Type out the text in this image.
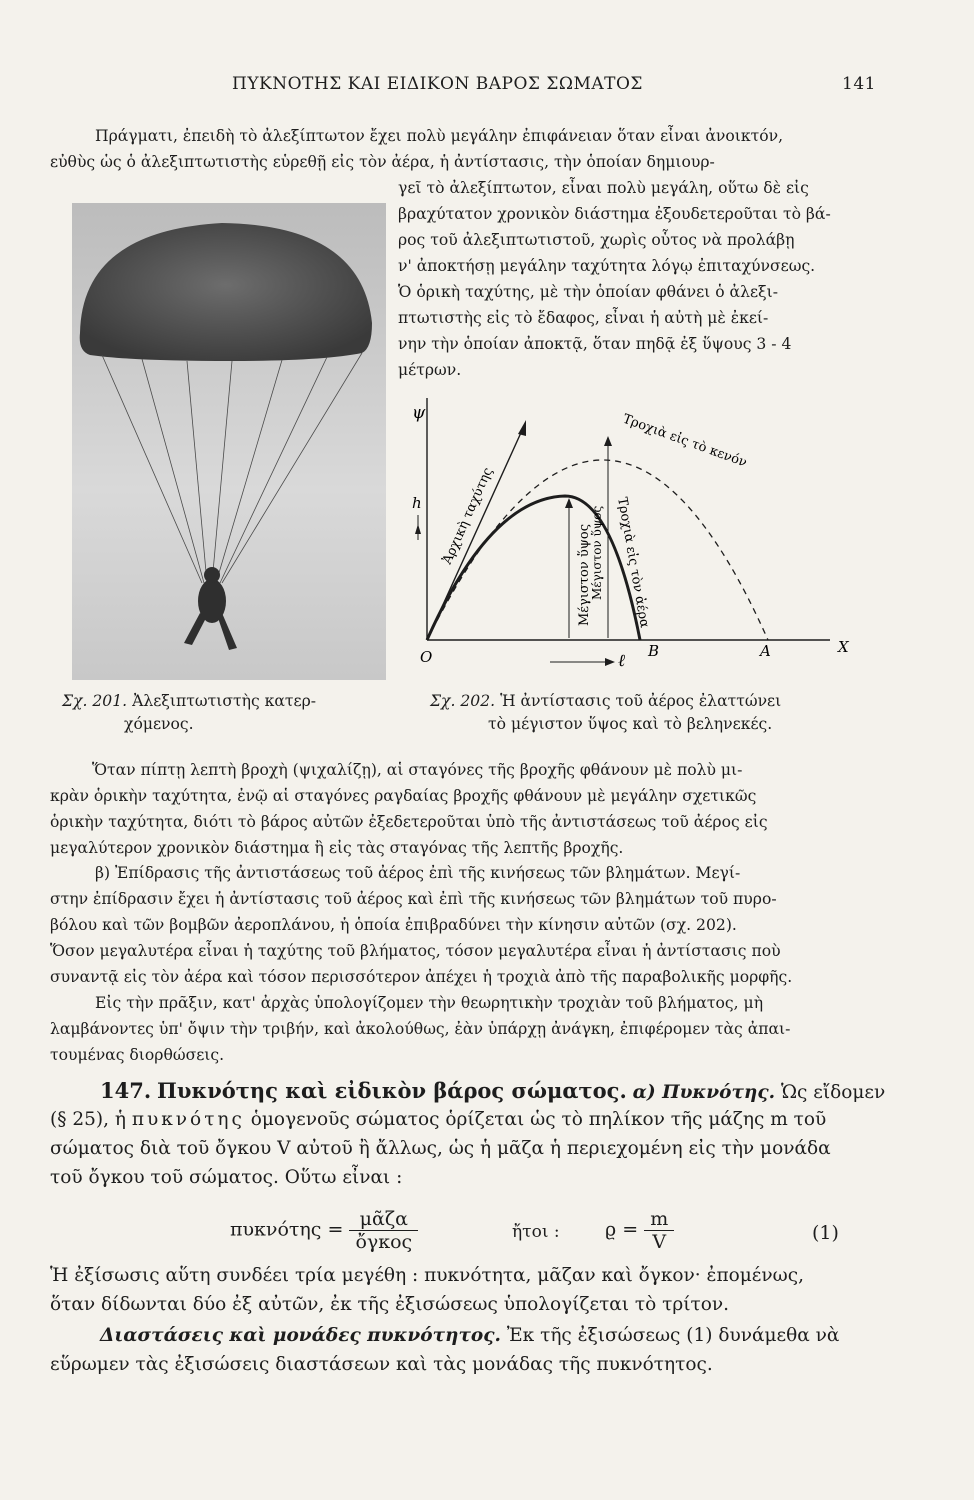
ΠΥΚΝΟΤΗΣ ΚΑΙ ΕΙΔΙΚΟΝ ΒΑΡΟΣ ΣΩΜΑΤΟΣ	141
Πράγματι, ἐπειδὴ τὸ ἀλεξίπτωτον ἔχει πολὺ μεγάλην ἐπιφάνειαν ὅταν εἶναι ἀνοικτόν,
εὐθὺς ὡς ὁ ἀλεξιπτωτιστὴς εὑρεθῇ εἰς τὸν ἀέρα, ἡ ἀντίστασις, τὴν ὁποίαν δημιουρ-
γεῖ τὸ ἀλεξίπτωτον, εἶναι πολὺ μεγάλη, οὕτω δὲ εἰς
βραχύτατον χρονικὸν διάστημα ἐξουδετεροῦται τὸ βά-
ρος τοῦ ἀλεξιπτωτιστοῦ, χωρὶς οὗτος νὰ προλάβῃ
ν' ἀποκτήσῃ μεγάλην ταχύτητα λόγῳ ἐπιταχύνσεως.
Ὁ ὁρικὴ ταχύτης, μὲ τὴν ὁποίαν φθάνει ὁ ἀλεξι-
πτωτιστὴς εἰς τὸ ἔδαφος, εἶναι ἡ αὐτὴ μὲ ἐκεί-
νην τὴν ὁποίαν ἀποκτᾷ, ὅταν πηδᾷ ἐξ ὕψους 3 - 4
μέτρων.
ψ
h
O
X
B	A
ℓ
Ἀρχικὴ ταχύτης
Τροχιὰ εἰς τὸ κενόν
Τροχιὰ εἰς τὸν ἀέρα
Μέγιστον ὕψος
Μέγιστον ὕψος
Σχ. 201. Ἀλεξιπτωτιστὴς κατερ-
χόμενος.
Σχ. 202. Ἡ ἀντίστασις τοῦ ἀέρος ἐλαττώνει
τὸ μέγιστον ὕψος καὶ τὸ βεληνεκές.
Ὅταν πίπτῃ λεπτὴ βροχὴ (ψιχαλίζῃ), αἱ σταγόνες τῆς βροχῆς φθάνουν μὲ πολὺ μι-
κρὰν ὁρικὴν ταχύτητα, ἐνῷ αἱ σταγόνες ραγδαίας βροχῆς φθάνουν μὲ μεγάλην σχετικῶς
ὁρικὴν ταχύτητα, διότι τὸ βάρος αὐτῶν ἐξεδετεροῦται ὑπὸ τῆς ἀντιστάσεως τοῦ ἀέρος εἰς
μεγαλύτερον χρονικὸν διάστημα ἢ εἰς τὰς σταγόνας τῆς λεπτῆς βροχῆς.
β) Ἐπίδρασις τῆς ἀντιστάσεως τοῦ ἀέρος ἐπὶ τῆς κινήσεως τῶν βλημάτων. Μεγί-
στην ἐπίδρασιν ἔχει ἡ ἀντίστασις τοῦ ἀέρος καὶ ἐπὶ τῆς κινήσεως τῶν βλημάτων τοῦ πυρο-
βόλου καὶ τῶν βομβῶν ἀεροπλάνου, ἡ ὁποία ἐπιβραδύνει τὴν κίνησιν αὐτῶν (σχ. 202).
Ὅσον μεγαλυτέρα εἶναι ἡ ταχύτης τοῦ βλήματος, τόσον μεγαλυτέρα εἶναι ἡ ἀντίστασις ποὺ
συναντᾷ εἰς τὸν ἀέρα καὶ τόσον περισσότερον ἀπέχει ἡ τροχιὰ ἀπὸ τῆς παραβολικῆς μορφῆς.
Εἰς τὴν πρᾶξιν, κατ' ἀρχὰς ὑπολογίζομεν τὴν θεωρητικὴν τροχιὰν τοῦ βλήματος, μὴ
λαμβάνοντες ὑπ' ὄψιν τὴν τριβήν, καὶ ἀκολούθως, ἐὰν ὑπάρχῃ ἀνάγκη, ἐπιφέρομεν τὰς ἀπαι-
τουμένας διορθώσεις.
147. Πυκνότης καὶ εἰδικὸν βάρος σώματος. α) Πυκνότης. Ὡς εἴδομεν
(§ 25), ἡ πυκνότης ὁμογενοῦς σώματος ὁρίζεται ὡς τὸ πηλίκον τῆς μάζης m τοῦ
σώματος διὰ τοῦ ὄγκου V αὐτοῦ ἢ ἄλλως, ὡς ἡ μᾶζα ἡ περιεχομένη εἰς τὴν μονάδα
τοῦ ὄγκου τοῦ σώματος. Οὕτω εἶναι :
$\pi\upsilon\kappa\nu ό\tau\eta\varsigma = \frac{\text{μᾶζα}}{\text{ὄγκος}}$	ἤτοι : $ϱ = \frac{m}{V}$	(1)
Ἡ ἐξίσωσις αὕτη συνδέει τρία μεγέθη : πυκνότητα, μᾶζαν καὶ ὄγκον· ἐπομένως,
ὅταν δίδωνται δύο ἐξ αὐτῶν, ἐκ τῆς ἐξισώσεως ὑπολογίζεται τὸ τρίτον.
Διαστάσεις καὶ μονάδες πυκνότητος. Ἐκ τῆς ἐξισώσεως (1) δυνάμεθα νὰ
εὕρωμεν τὰς ἐξισώσεις διαστάσεων καὶ τὰς μονάδας τῆς πυκνότητος.
